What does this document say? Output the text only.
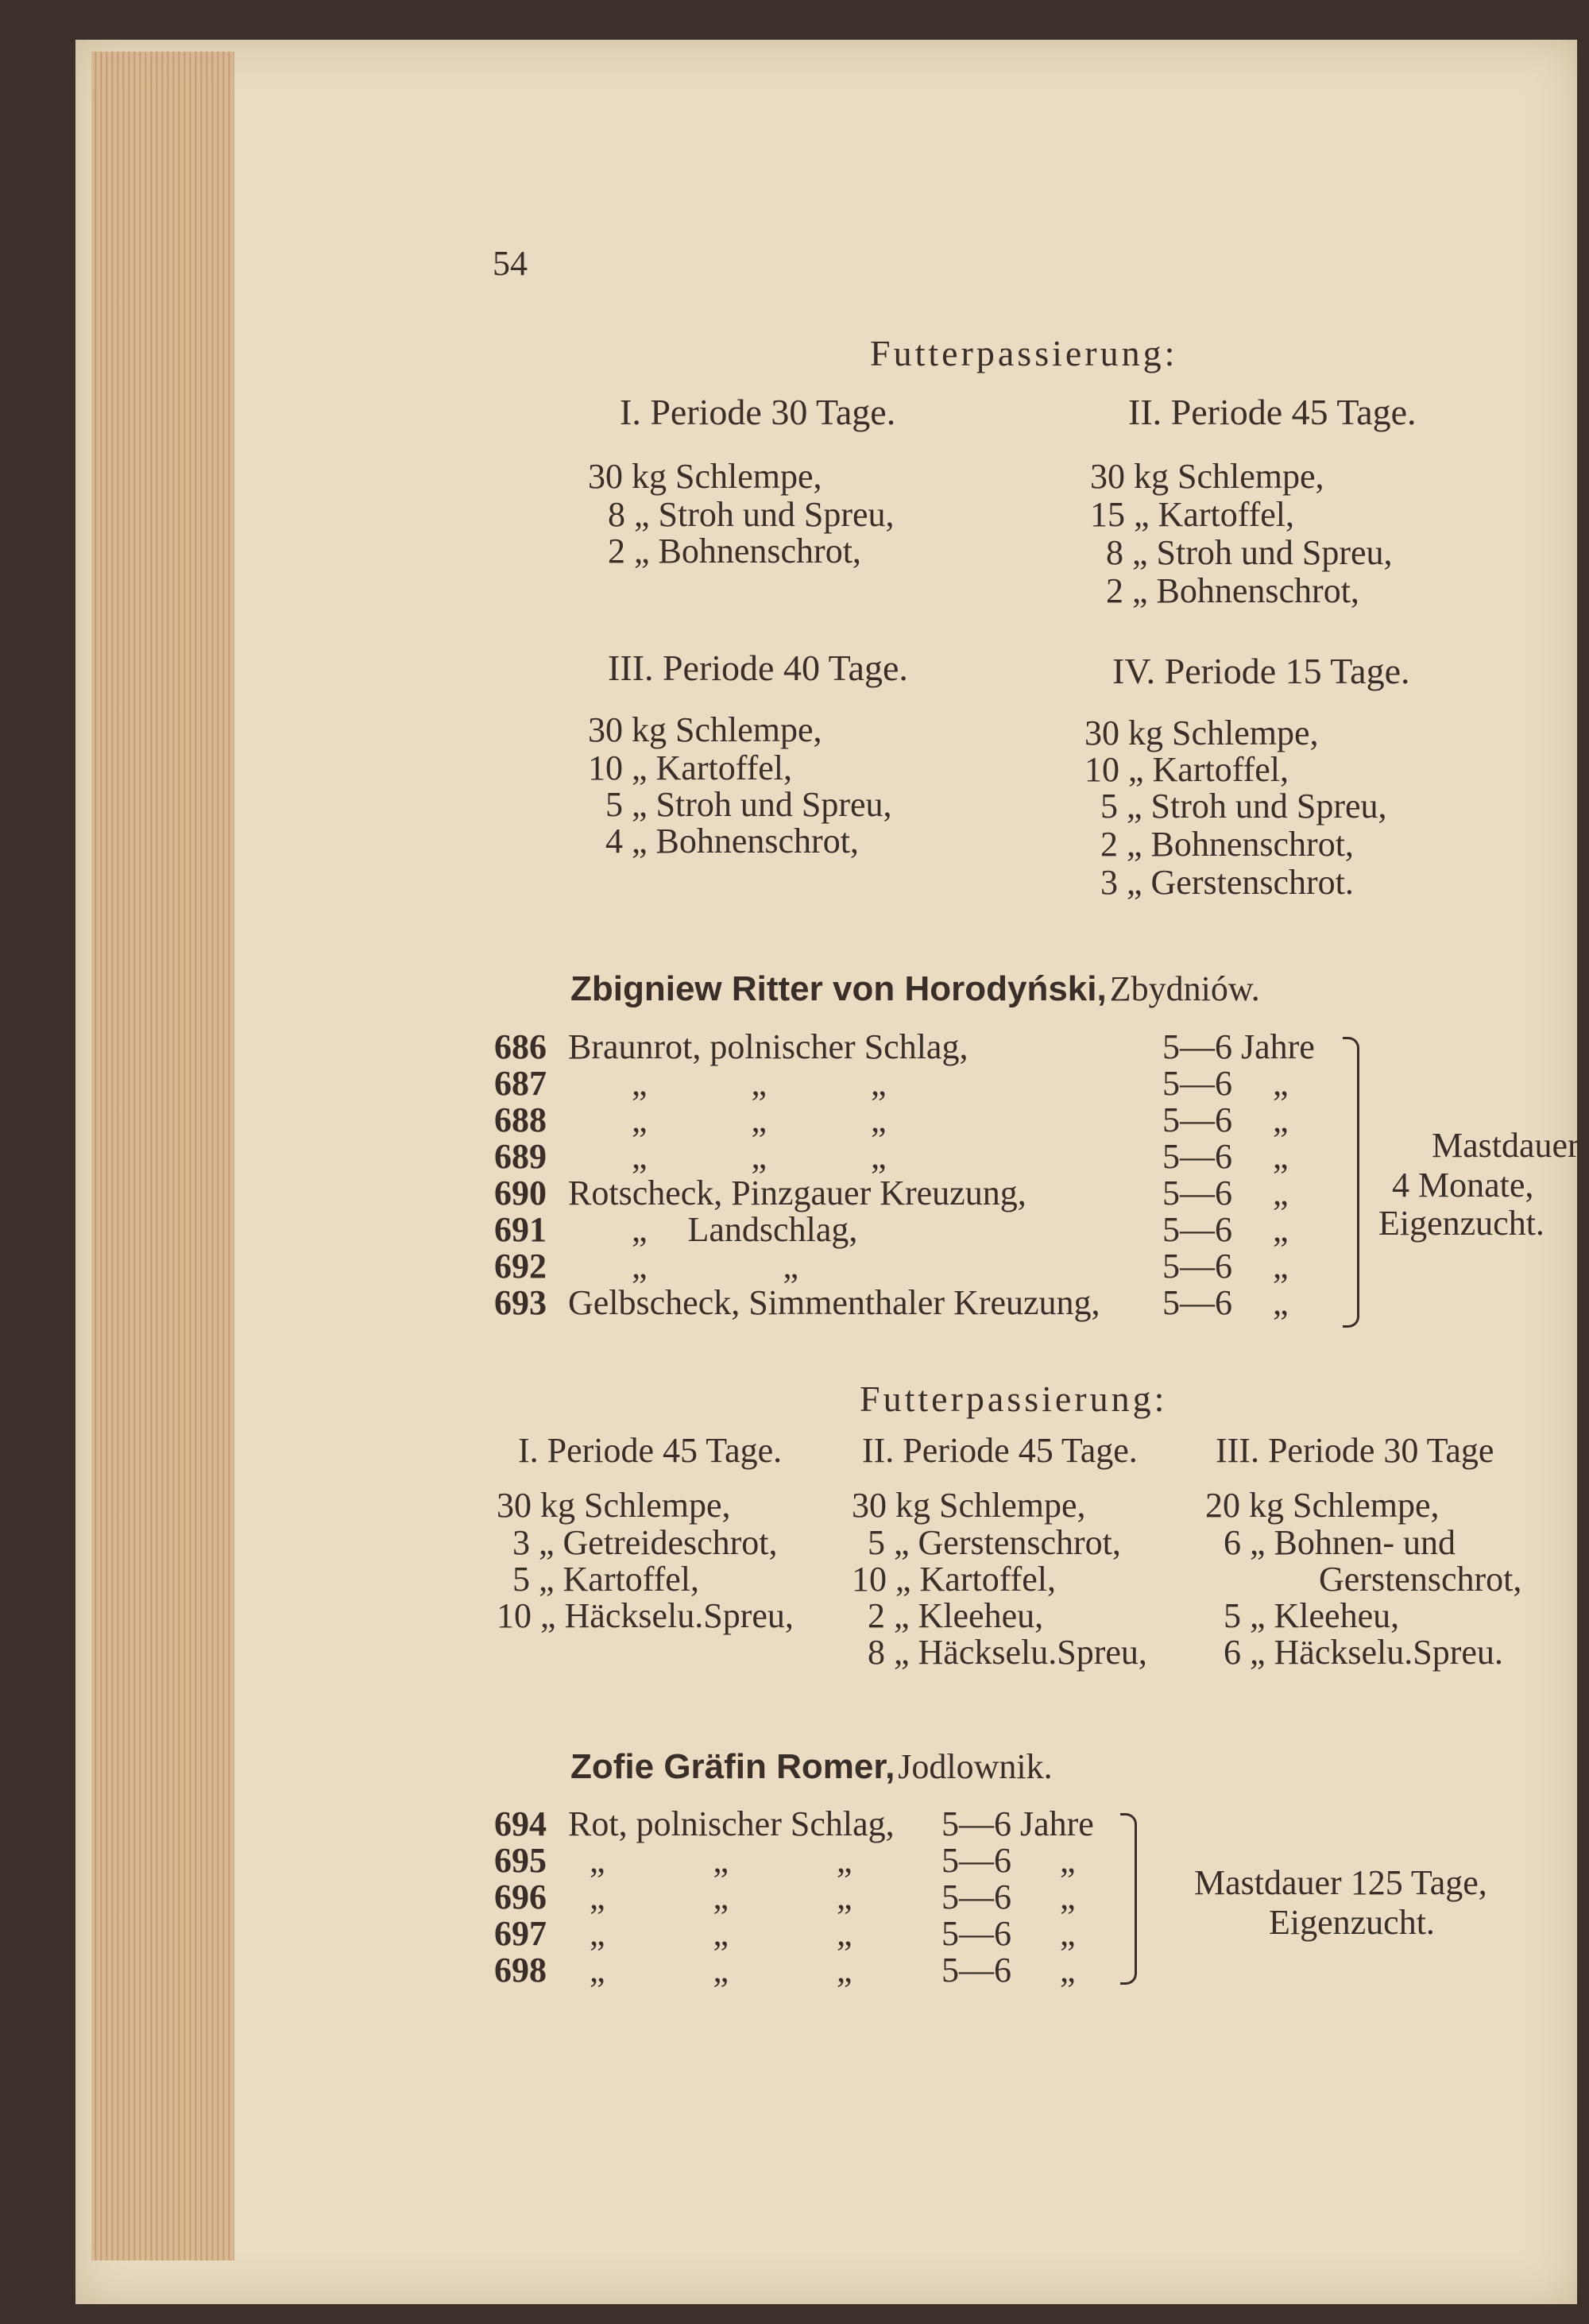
54
Futterpassierung:
I. Periode 30 Tage.
30 kg Schlempe,
8 „ Stroh und Spreu,
2 „ Bohnenschrot,
II. Periode 45 Tage.
30 kg Schlempe,
15 „ Kartoffel,
8 „ Stroh und Spreu,
2 „ Bohnenschrot,
III. Periode 40 Tage.
30 kg Schlempe,
10 „ Kartoffel,
5 „ Stroh und Spreu,
4 „ Bohnenschrot,
IV. Periode 15 Tage.
30 kg Schlempe,
10 „ Kartoffel,
5 „ Stroh und Spreu,
2 „ Bohnenschrot,
3 „ Gerstenschrot.
Zbigniew Ritter von Horodyński, Zbydniów.
686 Braunrot, polnischer Schlag,	5—6 Jahre
687 „ „ „	5—6 „
688 „ „ „	5—6 „
689 „ „ „	5—6 „
690 Rotscheck, Pinzgauer Kreuzung,	5—6 „
691 „ Landschlag,	5—6 „
692 „ „	5—6 „
693 Gelbscheck, Simmenthaler Kreuzung, 5—6 „
Mastdauer
4 Monate,
Eigenzucht.
Futterpassierung:
I. Periode 45 Tage. II. Periode 45 Tage. III. Periode 30 Tage
30 kg Schlempe,
3 „ Getreideschrot,
5 „ Kartoffel,
10 „ Häckselu.Spreu,
30 kg Schlempe,
5 „ Gerstenschrot,
10 „ Kartoffel,
2 „ Kleeheu,
8 „ Häckselu.Spreu,
20 kg Schlempe,
6 „ Bohnen- und
Gerstenschrot,
5 „ Kleeheu,
6 „ Häckselu.Spreu.
Zofie Gräfin Romer, Jodlownik.
694 Rot, polnischer Schlag, 5—6 Jahre
695 „ „ „	5—6 „
696 „ „ „	5—6 „
697 „ „ „	5—6 „
698 „ „ „	5—6 „
Mastdauer 125 Tage,
Eigenzucht.
